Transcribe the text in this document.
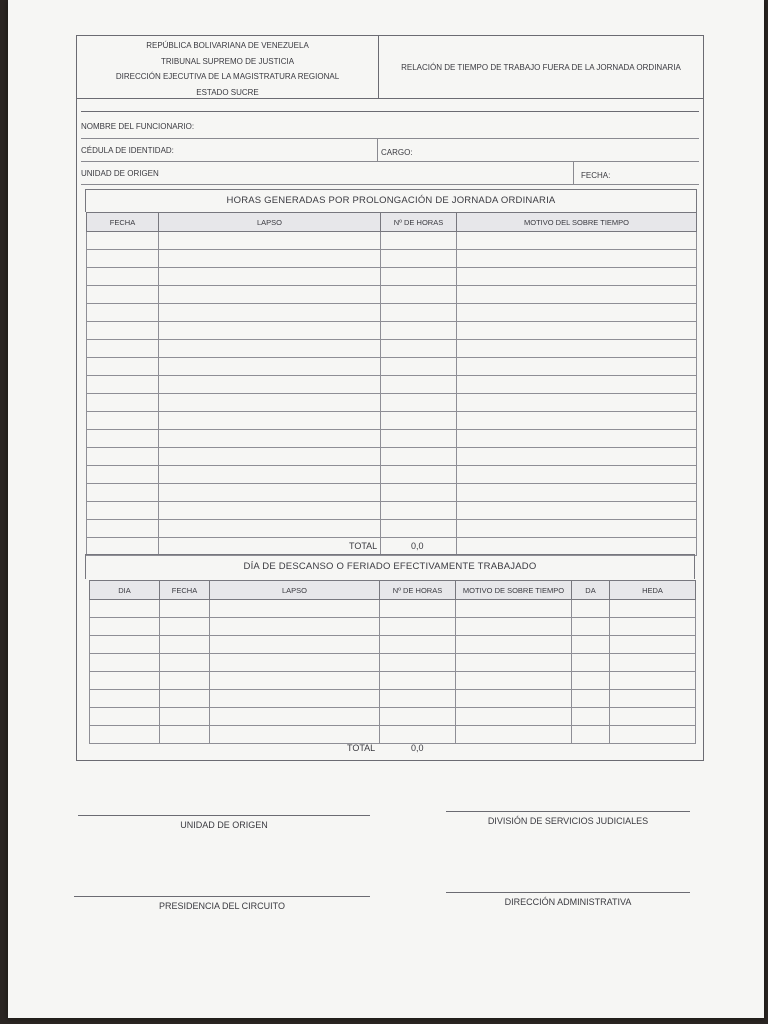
REPÚBLICA BOLIVARIANA DE VENEZUELA
TRIBUNAL SUPREMO DE JUSTICIA
DIRECCIÓN EJECUTIVA DE LA MAGISTRATURA REGIONAL
ESTADO SUCRE
RELACIÓN DE TIEMPO DE TRABAJO FUERA DE LA JORNADA ORDINARIA
NOMBRE DEL FUNCIONARIO:
CÉDULA DE IDENTIDAD:	CARGO:
UNIDAD DE ORIGEN	FECHA:
HORAS GENERADAS POR PROLONGACIÓN DE JORNADA ORDINARIA
FECHA	LAPSO	Nº DE HORAS	MOTIVO DEL SOBRE TIEMPO

TOTAL	0,0
DÍA DE DESCANSO O FERIADO EFECTIVAMENTE TRABAJADO
DIA	FECHA	LAPSO	Nº DE HORAS	MOTIVO DE SOBRE TIEMPO	DA	HEDA

TOTAL	0,0
UNIDAD DE ORIGEN	DIVISIÓN DE SERVICIOS JUDICIALES
PRESIDENCIA DEL CIRCUITO	DIRECCIÓN ADMINISTRATIVA
